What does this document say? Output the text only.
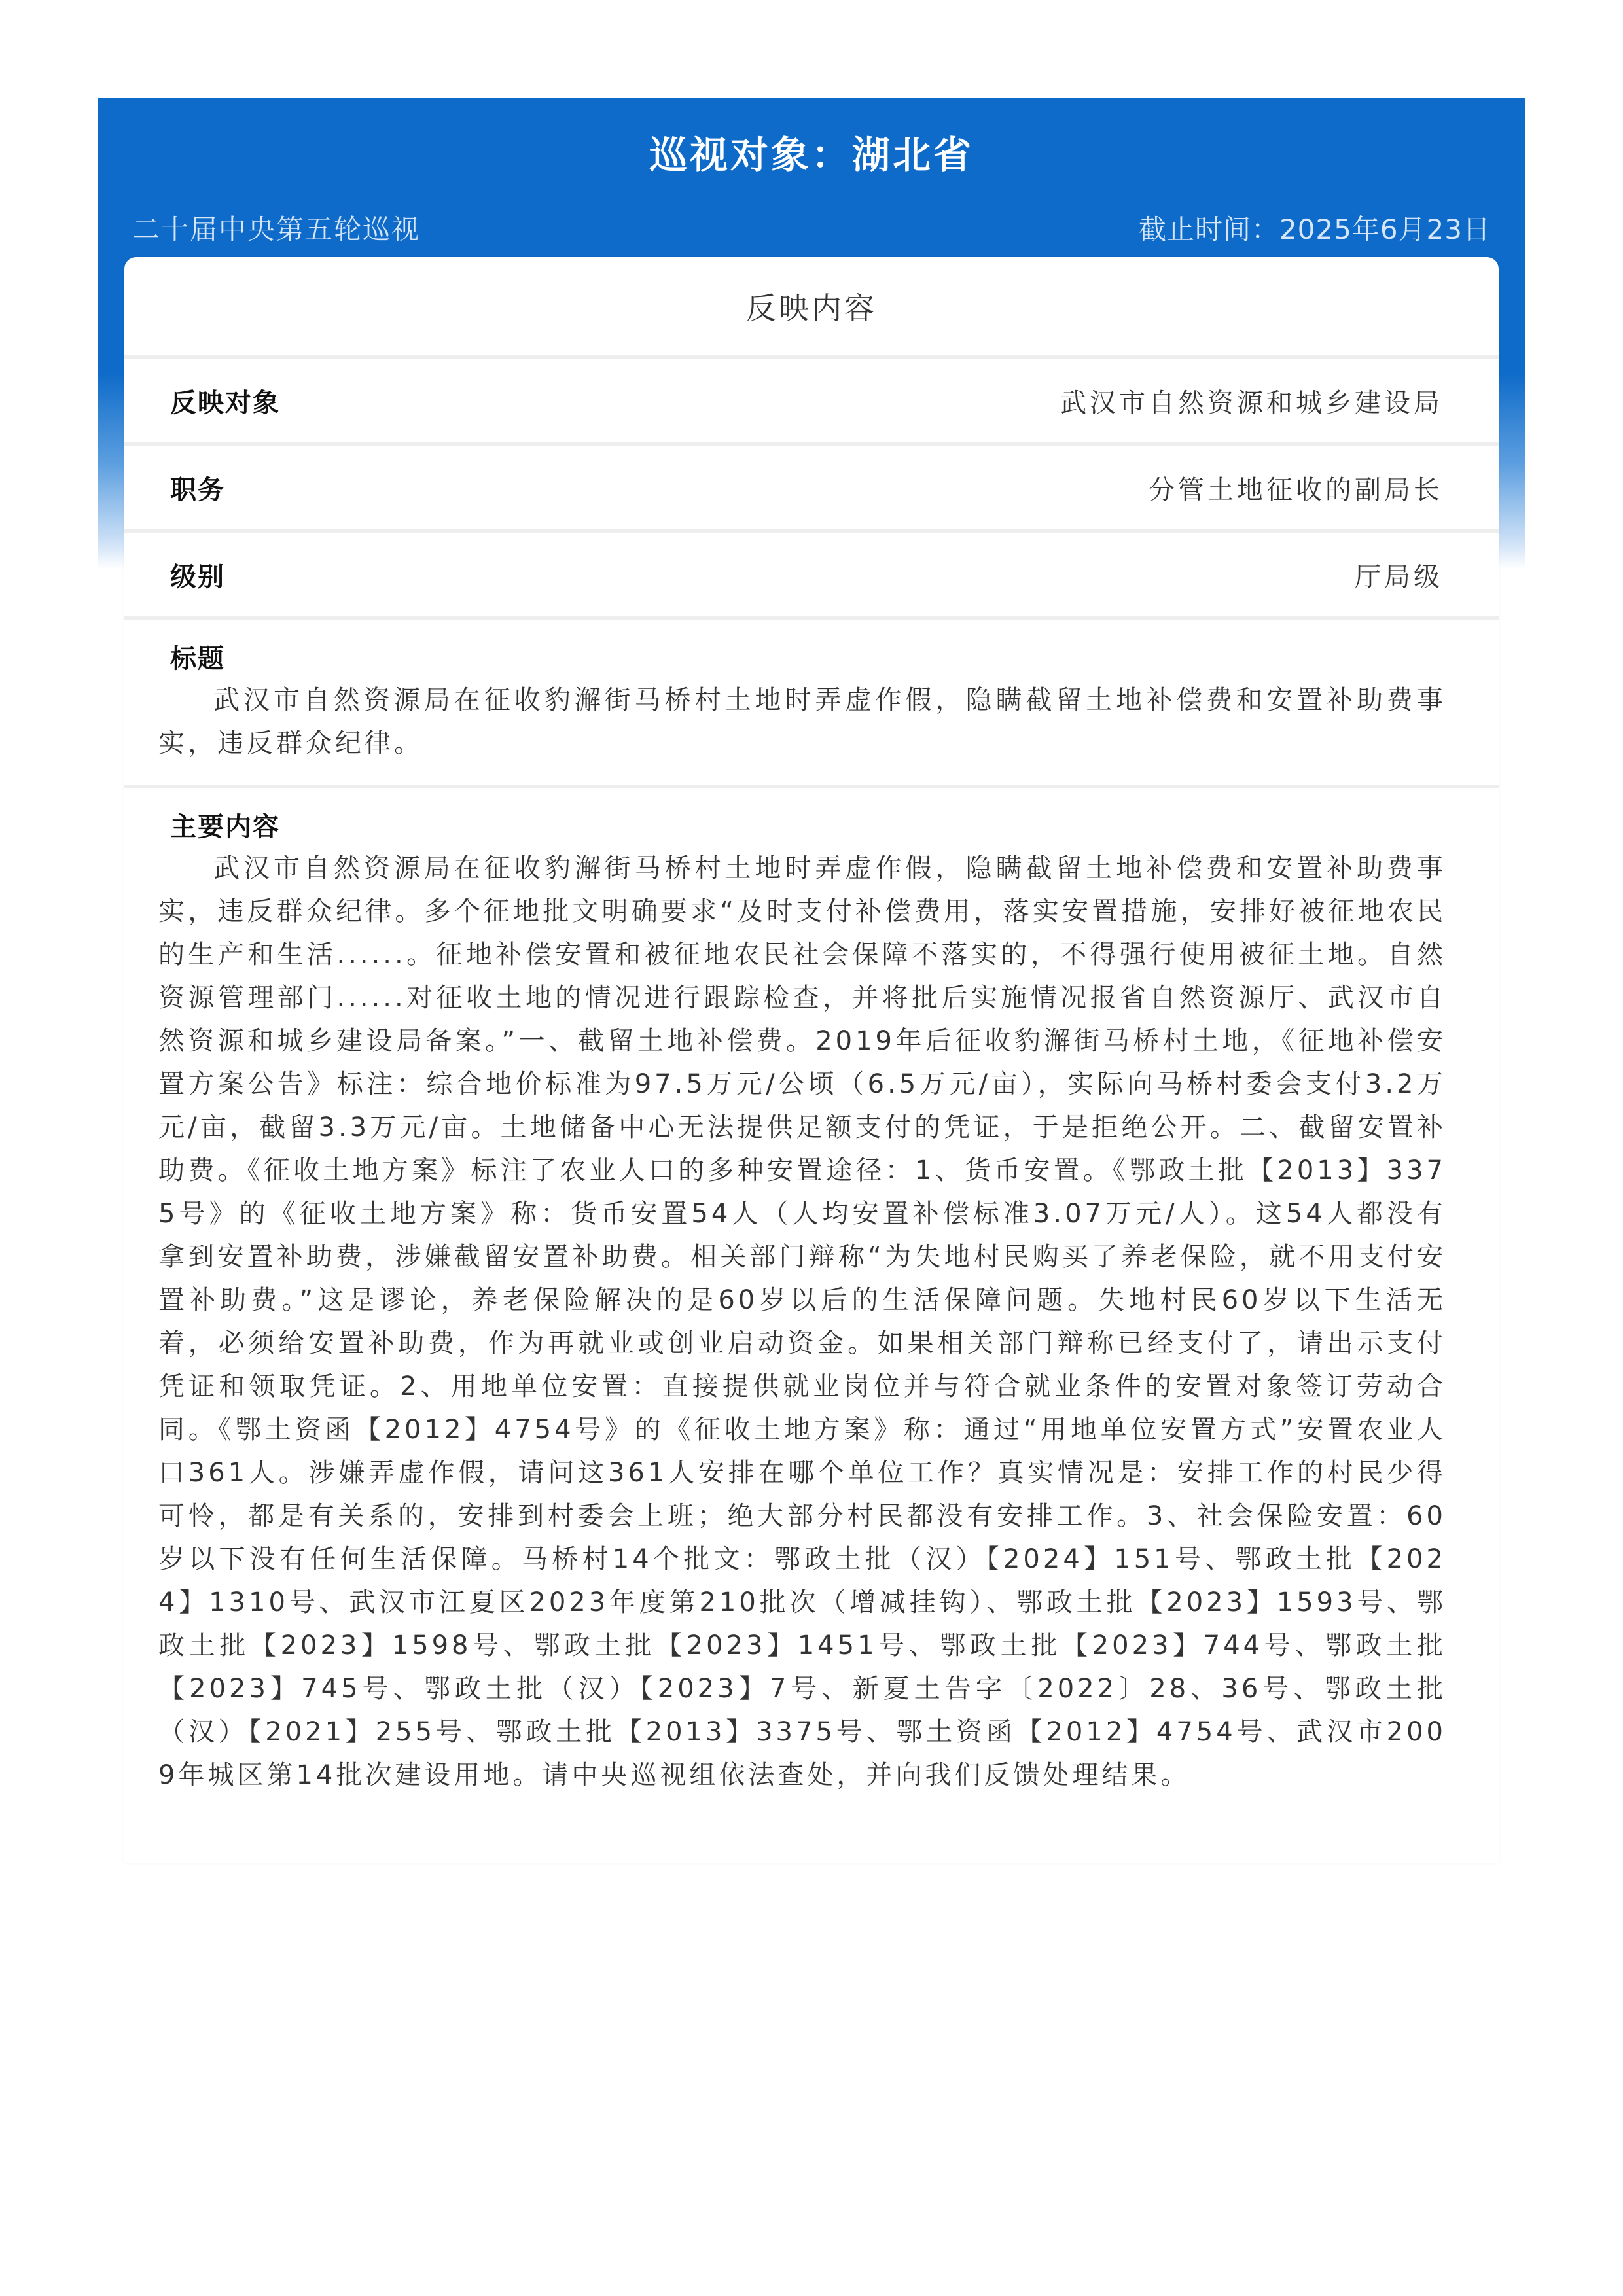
巡视对象：湖北省
二十届中央第五轮巡视	截止时间：2025年6月23日
反映内容
反映对象	武汉市自然资源和城乡建设局
职务	分管土地征收的副局长
级别	厅局级
标题
武汉市自然资源局在征收豹澥街马桥村土地时弄虚作假，隐瞒截留土地补偿费和安置补助费事实，违反群众纪律。
主要内容
武汉市自然资源局在征收豹澥街马桥村土地时弄虚作假，隐瞒截留土地补偿费和安置补助费事实，违反群众纪律。多个征地批文明确要求“及时支付补偿费用，落实安置措施，安排好被征地农民的生产和生活......。征地补偿安置和被征地农民社会保障不落实的，不得强行使用被征土地。自然资源管理部门......对征收土地的情况进行跟踪检查，并将批后实施情况报省自然资源厅、武汉市自然资源和城乡建设局备案。”一、截留土地补偿费。2019年后征收豹澥街马桥村土地，《征地补偿安置方案公告》标注：综合地价标准为97.5万元/公顷（6.5万元/亩），实际向马桥村委会支付3.2万元/亩，截留3.3万元/亩。土地储备中心无法提供足额支付的凭证，于是拒绝公开。二、截留安置补助费。《征收土地方案》标注了农业人口的多种安置途径：1、货币安置。《鄂政土批【2013】3375号》的《征收土地方案》称：货币安置54人（人均安置补偿标准3.07万元/人）。这54人都没有拿到安置补助费，涉嫌截留安置补助费。相关部门辩称“为失地村民购买了养老保险，就不用支付安置补助费。”这是谬论，养老保险解决的是60岁以后的生活保障问题。失地村民60岁以下生活无着，必须给安置补助费，作为再就业或创业启动资金。如果相关部门辩称已经支付了，请出示支付凭证和领取凭证。2、用地单位安置：直接提供就业岗位并与符合就业条件的安置对象签订劳动合同。《鄂土资函【2012】4754号》的《征收土地方案》称：通过“用地单位安置方式”安置农业人口361人。涉嫌弄虚作假，请问这361人安排在哪个单位工作？真实情况是：安排工作的村民少得可怜，都是有关系的，安排到村委会上班；绝大部分村民都没有安排工作。3、社会保险安置：60岁以下没有任何生活保障。马桥村14个批文：鄂政土批（汉）【2024】151号、鄂政土批【2024】1310号、武汉市江夏区2023年度第210批次（增减挂钩）、鄂政土批【2023】1593号、鄂政土批【2023】1598号、鄂政土批【2023】1451号、鄂政土批【2023】744号、鄂政土批【2023】745号、鄂政土批（汉）【2023】7号、新夏土告字〔2022〕28、36号、鄂政土批（汉）【2021】255号、鄂政土批【2013】3375号、鄂土资函【2012】4754号、武汉市2009年城区第14批次建设用地。请中央巡视组依法查处，并向我们反馈处理结果。
